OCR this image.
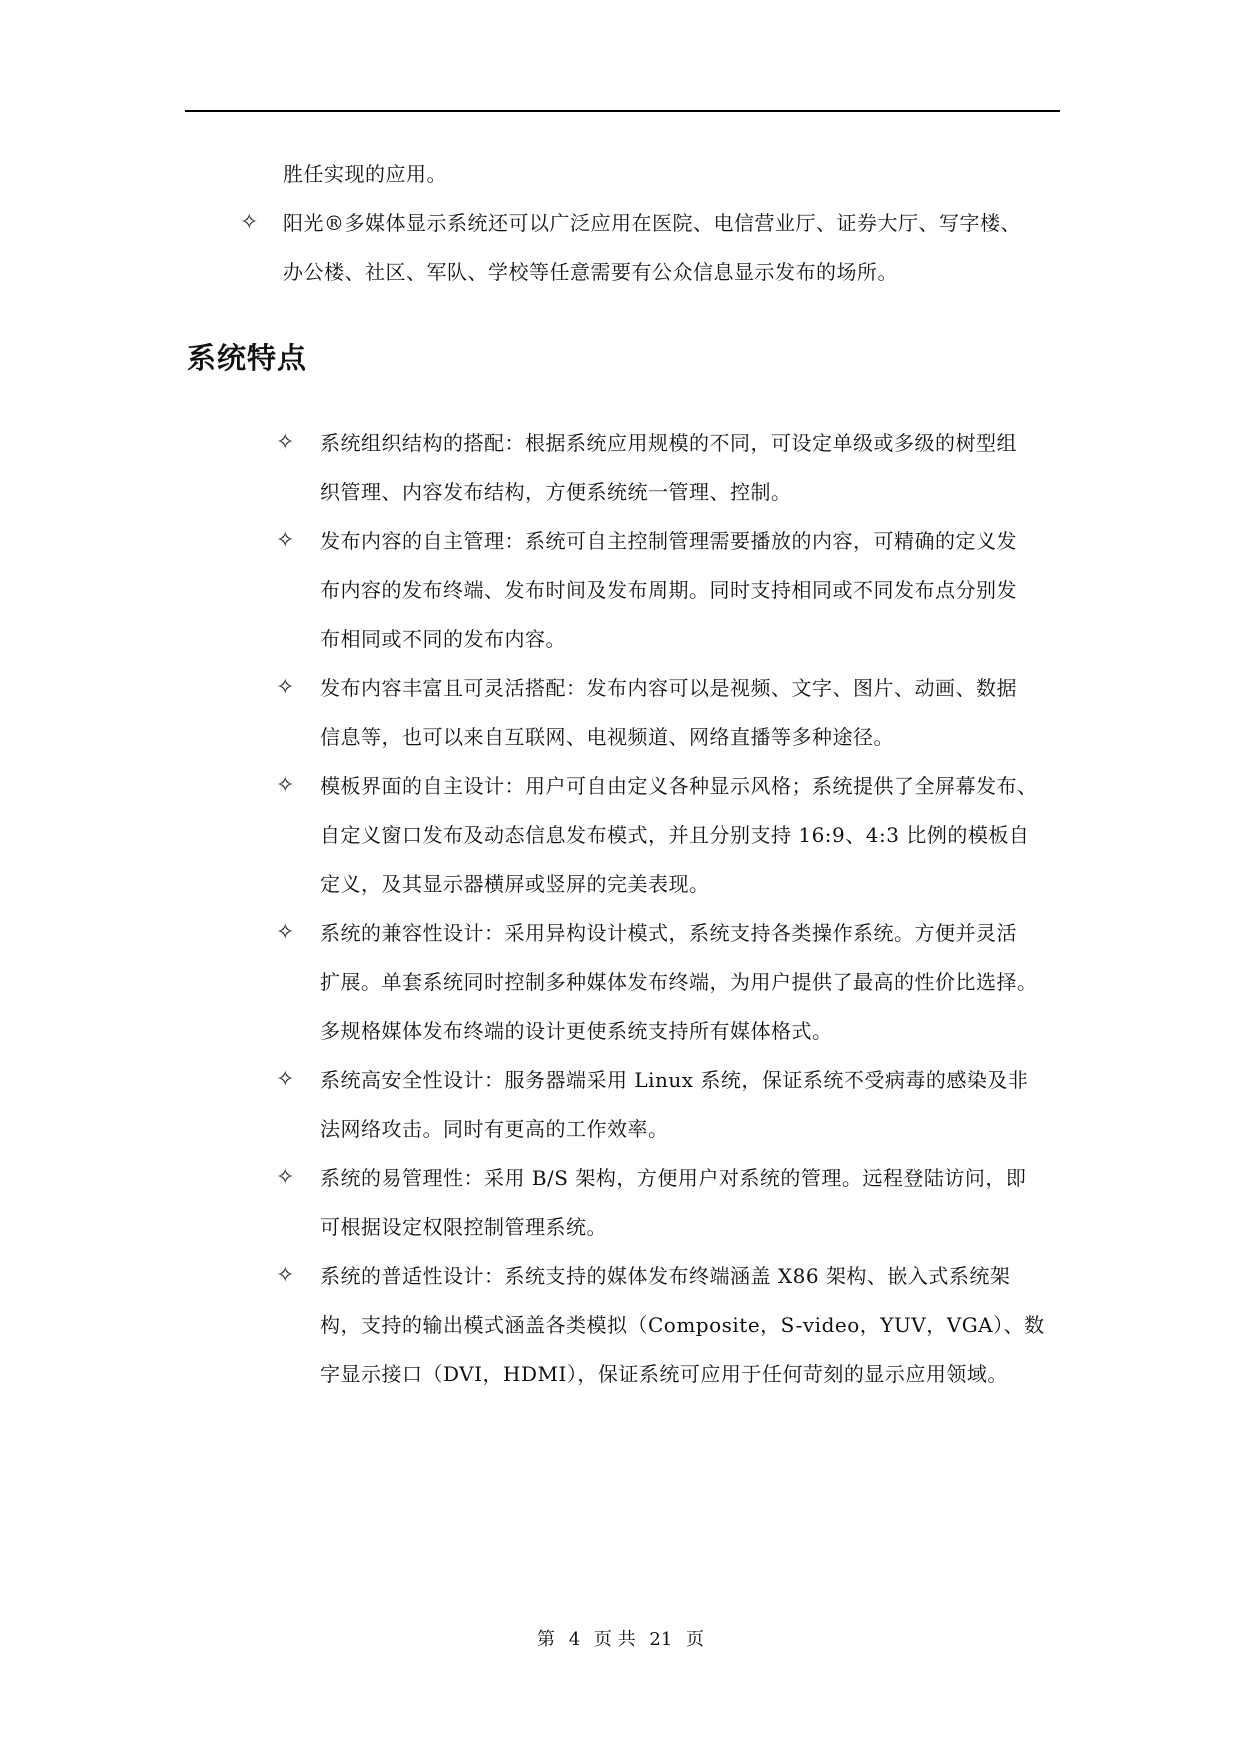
胜任实现的应用。
✧ 阳光®多媒体显示系统还可以广泛应用在医院、电信营业厅、证券大厅、写字楼、
办公楼、社区、军队、学校等任意需要有公众信息显示发布的场所。
系统特点
✧ 系统组织结构的搭配：根据系统应用规模的不同，可设定单级或多级的树型组
织管理、内容发布结构，方便系统统一管理、控制。
✧ 发布内容的自主管理：系统可自主控制管理需要播放的内容，可精确的定义发
布内容的发布终端、发布时间及发布周期。同时支持相同或不同发布点分别发
布相同或不同的发布内容。
✧ 发布内容丰富且可灵活搭配：发布内容可以是视频、文字、图片、动画、数据
信息等，也可以来自互联网、电视频道、网络直播等多种途径。
✧ 模板界面的自主设计：用户可自由定义各种显示风格；系统提供了全屏幕发布、
自定义窗口发布及动态信息发布模式，并且分别支持 16:9、4:3 比例的模板自
定义，及其显示器横屏或竖屏的完美表现。
✧ 系统的兼容性设计：采用异构设计模式，系统支持各类操作系统。方便并灵活
扩展。单套系统同时控制多种媒体发布终端，为用户提供了最高的性价比选择。
多规格媒体发布终端的设计更使系统支持所有媒体格式。
✧ 系统高安全性设计：服务器端采用 Linux 系统，保证系统不受病毒的感染及非
法网络攻击。同时有更高的工作效率。
✧ 系统的易管理性：采用 B/S 架构，方便用户对系统的管理。远程登陆访问，即
可根据设定权限控制管理系统。
✧ 系统的普适性设计：系统支持的媒体发布终端涵盖 X86 架构、嵌入式系统架
构，支持的输出模式涵盖各类模拟（Composite，S-video，YUV，VGA）、数
字显示接口（DVI，HDMI），保证系统可应用于任何苛刻的显示应用领域。
第 4 页 共 21 页
